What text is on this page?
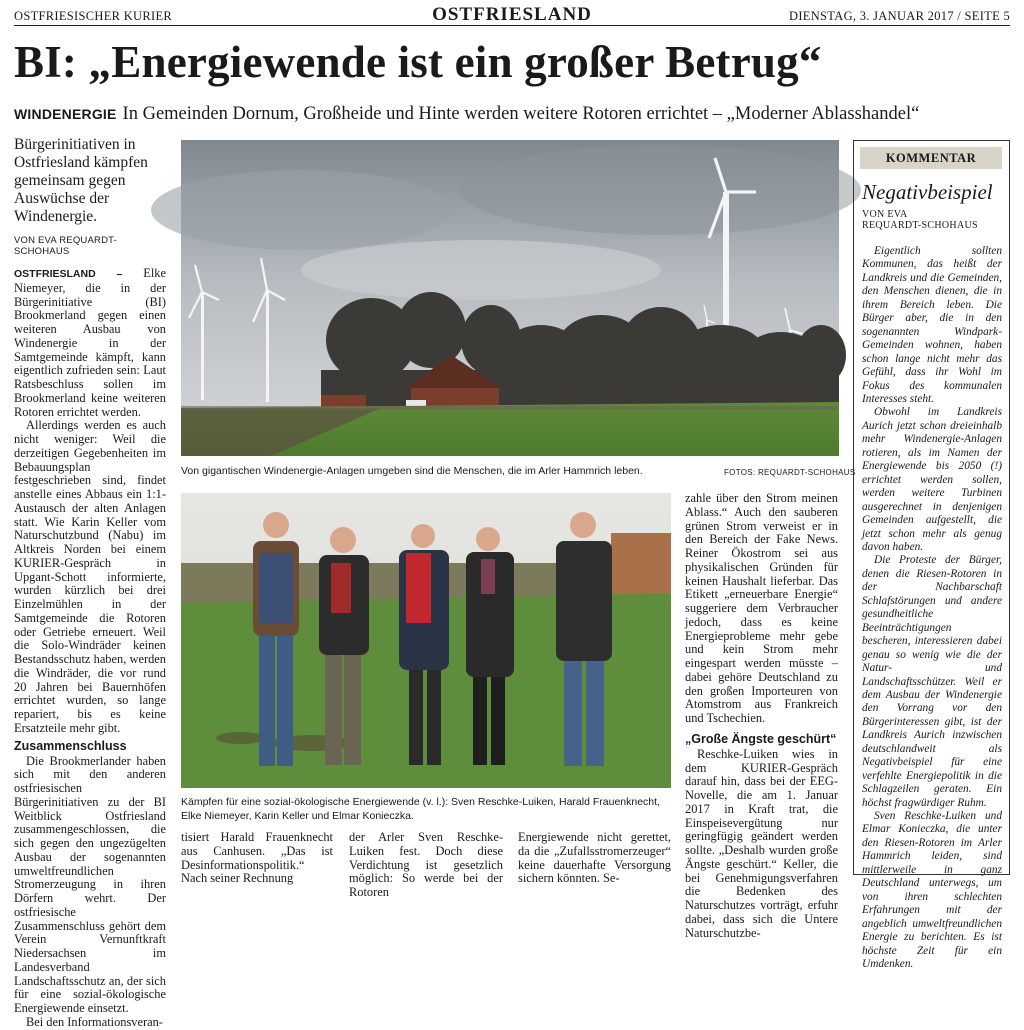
OSTFRIESISCHER KURIER	OSTFRIESLAND	DIENSTAG, 3. JANUAR 2017 / SEITE 5
BI: „Energiewende ist ein großer Betrug“
WINDENERGIE In Gemeinden Dornum, Großheide und Hinte werden weitere Rotoren errichtet – „Moderner Ablasshandel“
Bürgerinitiativen in Ostfriesland kämpfen gemeinsam gegen Auswüchse der Windenergie.
VON EVA REQUARDT-SCHOHAUS
OSTFRIESLAND – Elke Niemeyer, die in der Bürgerinitiative (BI) Brookmerland gegen einen weiteren Ausbau von Windenergie in der Samtgemeinde kämpft, kann eigentlich zufrieden sein: Laut Ratsbeschluss sollen im Brookmerland keine weiteren Rotoren errichtet werden.
Allerdings werden es auch nicht weniger: Weil die derzeitigen Gegebenheiten im Bebauungsplan festgeschrieben sind, findet anstelle eines Abbaus ein 1:1-Austausch der alten Anlagen statt. Wie Karin Keller vom Naturschutzbund (Nabu) im Altkreis Norden bei einem KURIER-Gespräch in Upgant-Schott informierte, wurden kürzlich bei drei Einzelmühlen in der Samtgemeinde die Rotoren oder Getriebe erneuert. Weil die Solo-Windräder keinen Bestandsschutz haben, werden die Windräder, die vor rund 20 Jahren bei Bauernhöfen errichtet wurden, so lange repariert, bis es keine Ersatzteile mehr gibt.
Zusammenschluss
Die Brookmerlander haben sich mit den anderen ostfriesischen Bürgerinitiativen zu der BI Weitblick Ostfriesland zusammengeschlossen, die sich gegen den ungezügelten Ausbau der sogenannten umweltfreundlichen Stromerzeugung in ihren Dörfern wehrt. Der ostfriesische Zusammenschluss gehört dem Verein Vernunftkraft Niedersachsen im Landesverband Landschaftsschutz an, der sich für eine sozial-ökologische Energiewende einsetzt.
Bei den Informationsveran-
Von gigantischen Windenergie-Anlagen umgeben sind die Menschen, die im Arler Hammrich leben.	FOTOS: REQUARDT-SCHOHAUS
Kämpfen für eine sozial-ökologische Energiewende (v. l.): Sven Reschke-Luiken, Harald Frauenknecht, Elke Niemeyer, Karin Keller und Elmar Konieczka.
tisiert Harald Frauenknecht aus Canhusen. „Das ist Desinformationspolitik.“ Nach seiner Rechnung
der Arler Sven Reschke-Luiken fest. Doch diese Verdichtung ist gesetzlich möglich: So werde bei der Rotoren
Energiewende nicht gerettet, da die „Zufallsstromerzeuger“ keine dauerhafte Versorgung sichern könnten. Se-
zahle über den Strom meinen Ablass.“ Auch den sauberen grünen Strom verweist er in den Bereich der Fake News. Reiner Ökostrom sei aus physikalischen Gründen für keinen Haushalt lieferbar. Das Etikett „erneuerbare Energie“ suggeriere dem Verbraucher jedoch, dass es keine Energieprobleme mehr gebe und kein Strom mehr eingespart werden müsste – dabei gehöre Deutschland zu den großen Importeuren von Atomstrom aus Frankreich und Tschechien.
„Große Ängste geschürt“
Reschke-Luiken wies in dem KURIER-Gespräch darauf hin, dass bei der EEG-Novelle, die am 1. Januar 2017 in Kraft trat, die Einspeisevergütung nur geringfügig geändert werden sollte. „Deshalb wurden große Ängste geschürt.“ Keller, die bei Genehmigungsverfahren die Bedenken des Naturschutzes vorträgt, erfuhr dabei, dass sich die Untere Naturschutzbe-
KOMMENTAR
Negativbeispiel
VON EVA
REQUARDT-SCHOHAUS
Eigentlich sollten Kommunen, das heißt der Landkreis und die Gemeinden, den Menschen dienen, die in ihrem Bereich leben. Die Bürger aber, die in den sogenannten Windpark-Gemeinden wohnen, haben schon lange nicht mehr das Gefühl, dass ihr Wohl im Fokus des kommunalen Interesses steht.
Obwohl im Landkreis Aurich jetzt schon dreieinhalb mehr Windenergie-Anlagen rotieren, als im Namen der Energiewende bis 2050 (!) errichtet werden sollen, werden weitere Turbinen ausgerechnet in denjenigen Gemeinden aufgestellt, die jetzt schon mehr als genug davon haben.
Die Proteste der Bürger, denen die Riesen-Rotoren in der Nachbarschaft Schlafstörungen und andere gesundheitliche Beeinträchtigungen bescheren, interessieren dabei genau so wenig wie die der Natur- und Landschaftsschützer. Weil er dem Ausbau der Windenergie den Vorrang vor den Bürgerinteressen gibt, ist der Landkreis Aurich inzwischen deutschlandweit als Negativbeispiel für eine verfehlte Energiepolitik in die Schlagzeilen geraten. Ein höchst fragwürdiger Ruhm.
Sven Reschke-Luiken und Elmar Konieczka, die unter den Riesen-Rotoren im Arler Hammrich leiden, sind mittlerweile in ganz Deutschland unterwegs, um von ihren schlechten Erfahrungen mit der angeblich umweltfreundlichen Energie zu berichten. Es ist höchste Zeit für ein Umdenken.
